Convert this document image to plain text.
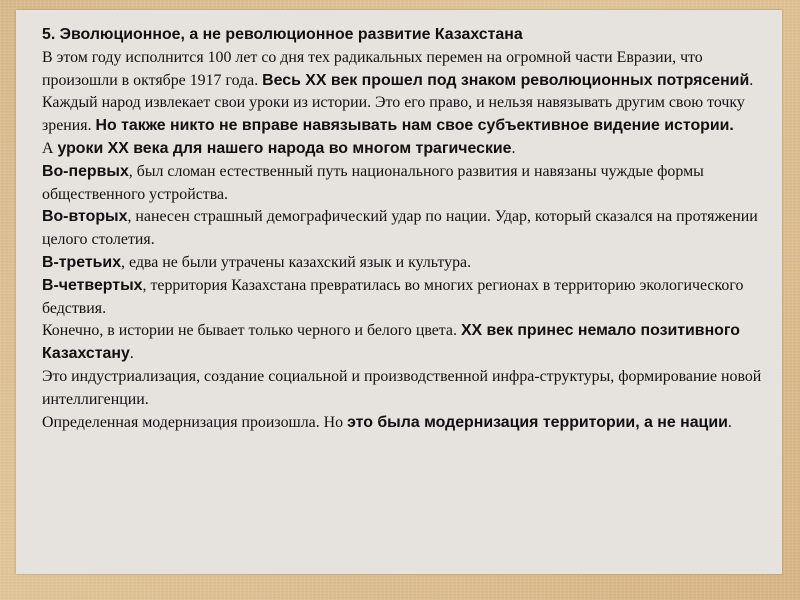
5. Эволюционное, а не революционное развитие Казахстана

В этом году исполнится 100 лет со дня тех радикальных перемен на огромной части Евразии, что произошли в октябре 1917 года. Весь ХХ век прошел под знаком революционных потрясений.

Каждый народ извлекает свои уроки из истории. Это его право, и нельзя навязывать другим свою точку зрения. Но также никто не вправе навязывать нам свое субъективное видение истории.

А уроки ХХ века для нашего народа во многом трагические.

Во-первых, был сломан естественный путь национального развития и навязаны чуждые формы общественного устройства.

Во-вторых, нанесен страшный демографический удар по нации. Удар, который сказался на протяжении целого столетия.

В-третьих, едва не были утрачены казахский язык и культура.

В-четвертых, территория Казахстана превратилась во многих регионах в территорию экологического бедствия.

Конечно, в истории не бывает только черного и белого цвета. ХХ век принес немало позитивного Казахстану.

Это индустриализация, создание социальной и производственной инфра-структуры, формирование новой интеллигенции.

Определенная модернизация произошла. Но это была модернизация территории, а не нации.
